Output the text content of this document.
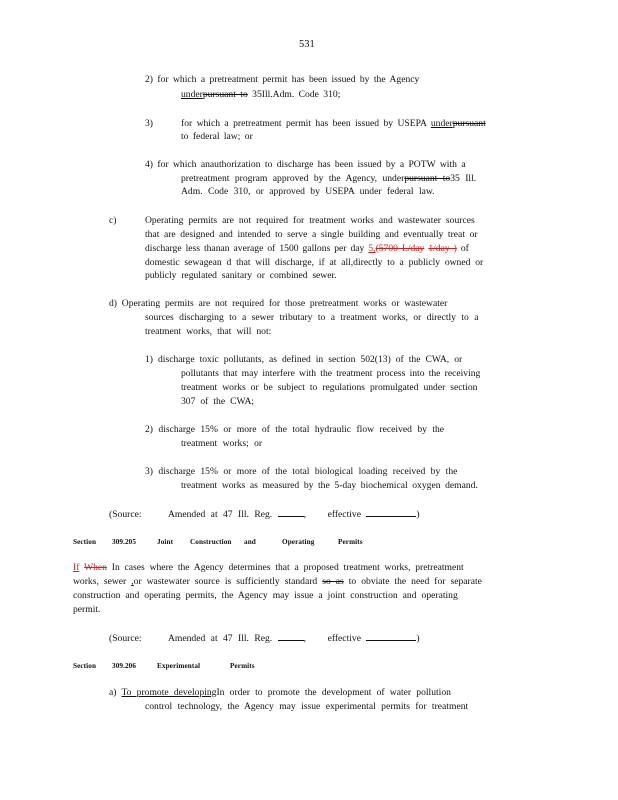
531
2) for which a pretreatment permit has been issued by the Agency
underpursuant to 35Ill.Adm. Code 310;
3)	for which a pretreatment permit has been issued by USEPA underpursuant
to federal law; or
4) for which anauthorization to discharge has been issued by a POTW with a
pretreatment program approved by the Agency, underpursuant to35 Ill.
Adm. Code 310, or approved by USEPA under federal law.
c)	Operating permits are not required for treatment works and wastewater sources
that are designed and intended to serve a single building and eventually treat or
discharge less thanan average of 1500 gallons per day 5,(5700 L/day 1/day ) of
domestic sewagean d that will discharge, if at all,directly to a publicly owned or
publicly regulated sanitary or combined sewer.
d) Operating permits are not required for those pretreatment works or wastewater
sources discharging to a sewer tributary to a treatment works, or directly to a
treatment works, that will not:
1) discharge toxic pollutants, as defined in section 502(13) of the CWA, or
pollutants that may interfere with the treatment process into the receiving
treatment works or be subject to regulations promulgated under section
307 of the CWA;
2) discharge 15% or more of the total hydraulic flow received by the
treatment works; or
3) discharge 15% or more of the total biological loading received by the
treatment works as measured by the 5-day biochemical oxygen demand.
(Source:	Amended at 47 Ill. Reg.	, effective	)
Section 309.205	Joint Construction and	Operating	Permits
If When In cases where the Agency determines that a proposed treatment works, pretreatment
works, sewer ,or wastewater source is sufficiently standard so as to obviate the need for separate
construction and operating permits, the Agency may issue a joint construction and operating
permit.
(Source:	Amended at 47 Ill. Reg.	, effective	)
Section 309.206	Experimental	Permits
a) To promote developingIn order to promote the development of water pollution
control technology, the Agency may issue experimental permits for treatment
